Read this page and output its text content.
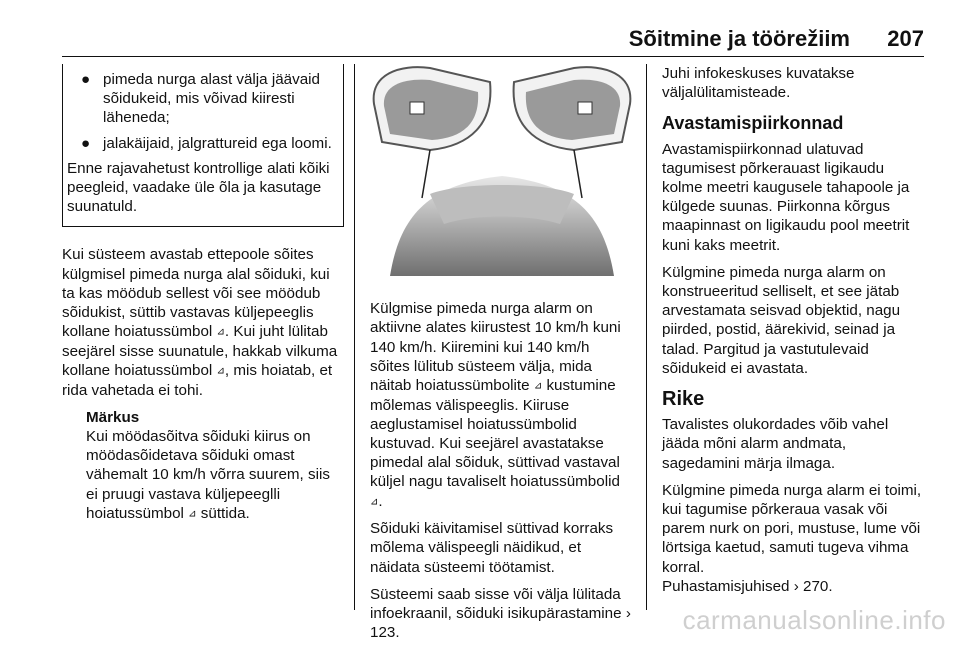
Sõitmine ja töörežiim 207
● pimeda nurga alast välja jäävaid sõidukeid, mis võivad kiiresti läheneda;
● jalakäijaid, jalgrattureid ega loomi.
Enne rajavahetust kontrollige alati kõiki peegleid, vaadake üle õla ja kasutage suunatuld.

Kui süsteem avastab ettepoole sõites külgmisel pimeda nurga alal sõiduki, kui ta kas möödub sellest või see möödub sõidukist, süttib vastavas küljepeeglis kollane hoiatussümbol ⊿. Kui juht lülitab seejärel sisse suunatule, hakkab vilkuma kollane hoiatussümbol ⊿, mis hoiatab, et rida vahetada ei tohi.

Märkus
Kui möödasõitva sõiduki kiirus on möödasõidetava sõiduki omast vähemalt 10 km/h võrra suurem, siis ei pruugi vastava küljepeeglli hoiatussümbol ⊿ süttida.

Külgmise pimeda nurga alarm on aktiivne alates kiirustest 10 km/h kuni 140 km/h. Kiiremini kui 140 km/h sõites lülitub süsteem välja, mida näitab hoiatussümbolite ⊿ kustumine mõlemas välispeeglis. Kiiruse aeglustamisel hoiatussümbolid kustuvad. Kui seejärel avastatakse pimedal alal sõiduk, süttivad vastaval küljel nagu tavaliselt hoiatussümbolid ⊿.

Sõiduki käivitamisel süttivad korraks mõlema välispeegli näidikud, et näidata süsteemi töötamist.

Süsteemi saab sisse või välja lülitada infoekraanil, sõiduki isikupärastamine › 123.

Juhi infokeskuses kuvatakse väljalülitamisteade.

Avastamispiirkonnad

Avastamispiirkonnad ulatuvad tagumisest põrkerauast ligikaudu kolme meetri kaugusele tahapoole ja külgede suunas. Piirkonna kõrgus maapinnast on ligikaudu pool meetrit kuni kaks meetrit.

Külgmine pimeda nurga alarm on konstrueeritud selliselt, et see jätab arvestamata seisvad objektid, nagu piirded, postid, äärekivid, seinad ja talad. Pargitud ja vastutulevaid sõidukeid ei avastata.

Rike

Tavalistes olukordades võib vahel jääda mõni alarm andmata, sagedamini märja ilmaga.

Külgmine pimeda nurga alarm ei toimi, kui tagumise põrkeraua vasak või parem nurk on pori, mustuse, lume või lörtsiga kaetud, samuti tugeva vihma korral.
Puhastamisjuhised › 270.

carmanualsonline.info
